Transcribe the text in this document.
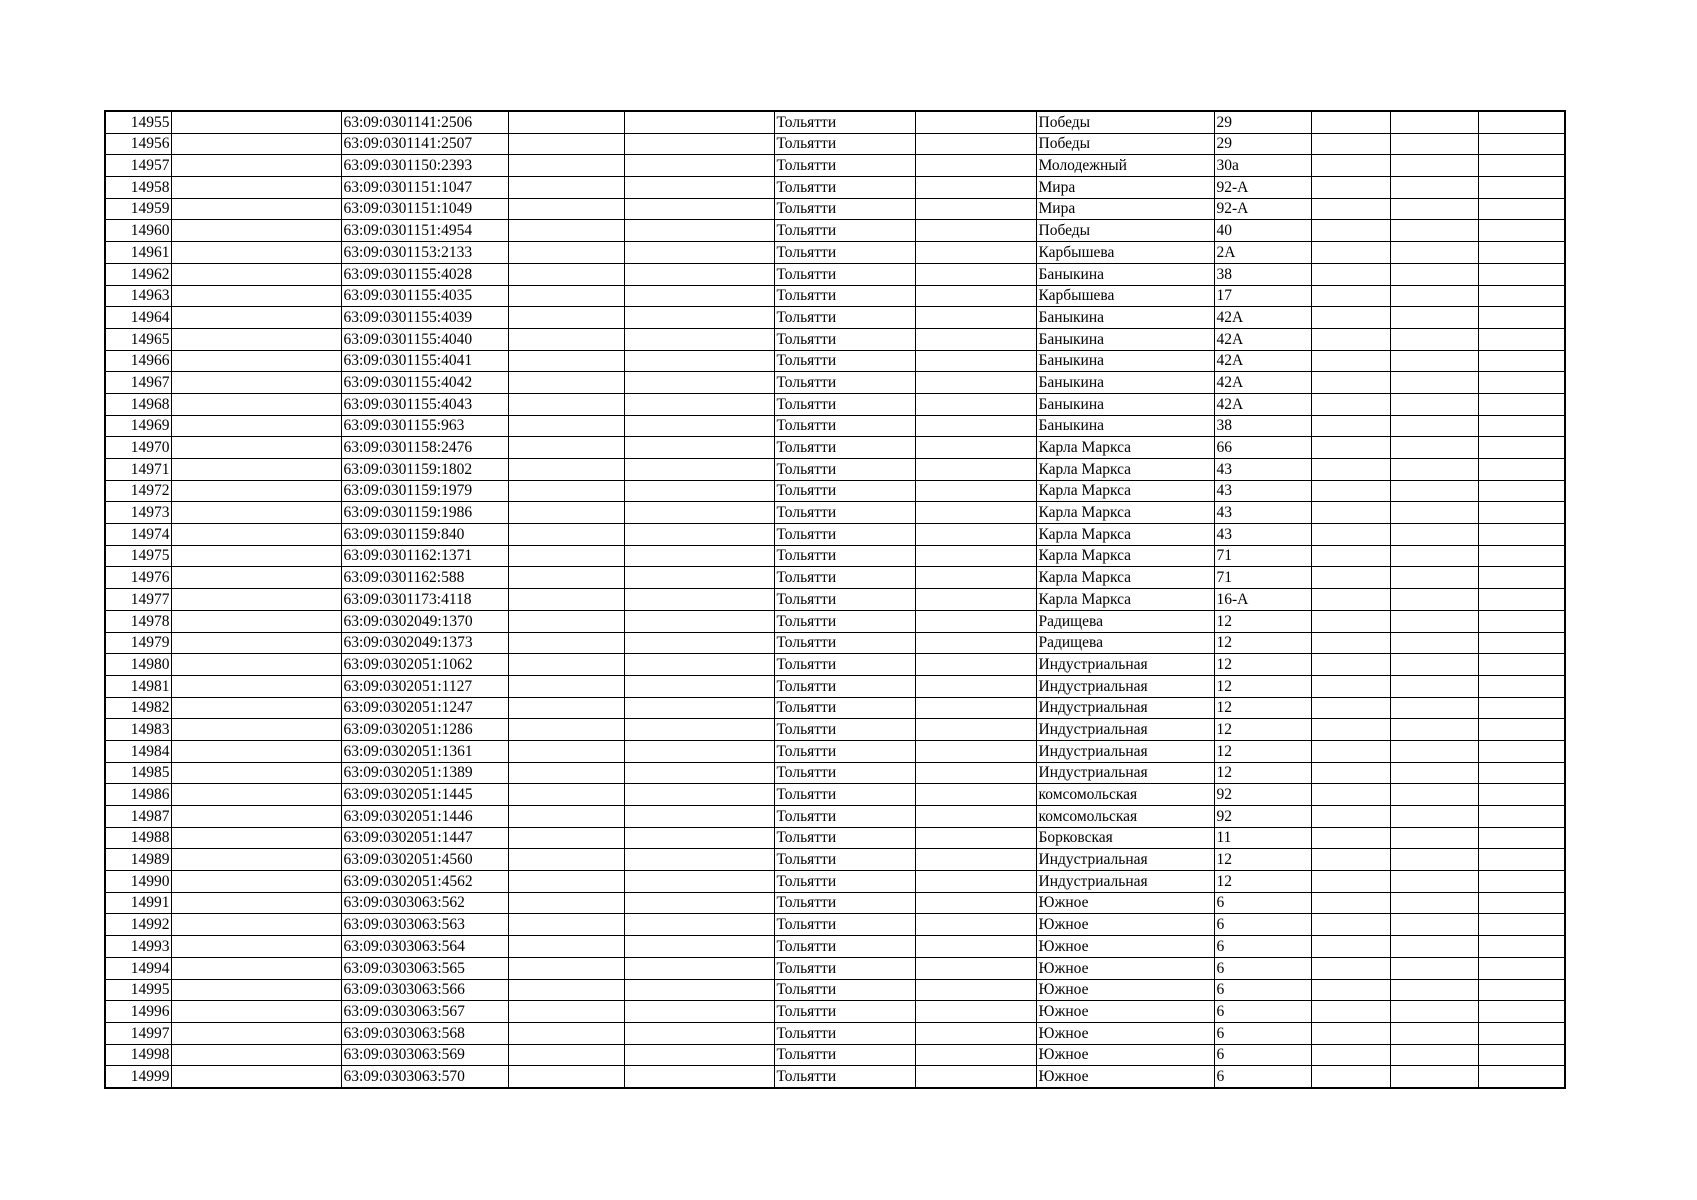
14955		63:09:0301141:2506			Тольятти		Победы	29			
14956		63:09:0301141:2507			Тольятти		Победы	29			
14957		63:09:0301150:2393			Тольятти		Молодежный	30а			
14958		63:09:0301151:1047			Тольятти		Мира	92-А			
14959		63:09:0301151:1049			Тольятти		Мира	92-А			
14960		63:09:0301151:4954			Тольятти		Победы	40			
14961		63:09:0301153:2133			Тольятти		Карбышева	2А			
14962		63:09:0301155:4028			Тольятти		Баныкина	38			
14963		63:09:0301155:4035			Тольятти		Карбышева	17			
14964		63:09:0301155:4039			Тольятти		Баныкина	42А			
14965		63:09:0301155:4040			Тольятти		Баныкина	42А			
14966		63:09:0301155:4041			Тольятти		Баныкина	42А			
14967		63:09:0301155:4042			Тольятти		Баныкина	42А			
14968		63:09:0301155:4043			Тольятти		Баныкина	42А			
14969		63:09:0301155:963			Тольятти		Баныкина	38			
14970		63:09:0301158:2476			Тольятти		Карла Маркса	66			
14971		63:09:0301159:1802			Тольятти		Карла Маркса	43			
14972		63:09:0301159:1979			Тольятти		Карла Маркса	43			
14973		63:09:0301159:1986			Тольятти		Карла Маркса	43			
14974		63:09:0301159:840			Тольятти		Карла Маркса	43			
14975		63:09:0301162:1371			Тольятти		Карла Маркса	71			
14976		63:09:0301162:588			Тольятти		Карла Маркса	71			
14977		63:09:0301173:4118			Тольятти		Карла Маркса	16-А			
14978		63:09:0302049:1370			Тольятти		Радищева	12			
14979		63:09:0302049:1373			Тольятти		Радищева	12			
14980		63:09:0302051:1062			Тольятти		Индустриальная	12			
14981		63:09:0302051:1127			Тольятти		Индустриальная	12			
14982		63:09:0302051:1247			Тольятти		Индустриальная	12			
14983		63:09:0302051:1286			Тольятти		Индустриальная	12			
14984		63:09:0302051:1361			Тольятти		Индустриальная	12			
14985		63:09:0302051:1389			Тольятти		Индустриальная	12			
14986		63:09:0302051:1445			Тольятти		комсомольская	92			
14987		63:09:0302051:1446			Тольятти		комсомольская	92			
14988		63:09:0302051:1447			Тольятти		Борковская	11			
14989		63:09:0302051:4560			Тольятти		Индустриальная	12			
14990		63:09:0302051:4562			Тольятти		Индустриальная	12			
14991		63:09:0303063:562			Тольятти		Южное	6			
14992		63:09:0303063:563			Тольятти		Южное	6			
14993		63:09:0303063:564			Тольятти		Южное	6			
14994		63:09:0303063:565			Тольятти		Южное	6			
14995		63:09:0303063:566			Тольятти		Южное	6			
14996		63:09:0303063:567			Тольятти		Южное	6			
14997		63:09:0303063:568			Тольятти		Южное	6			
14998		63:09:0303063:569			Тольятти		Южное	6			
14999		63:09:0303063:570			Тольятти		Южное	6			
